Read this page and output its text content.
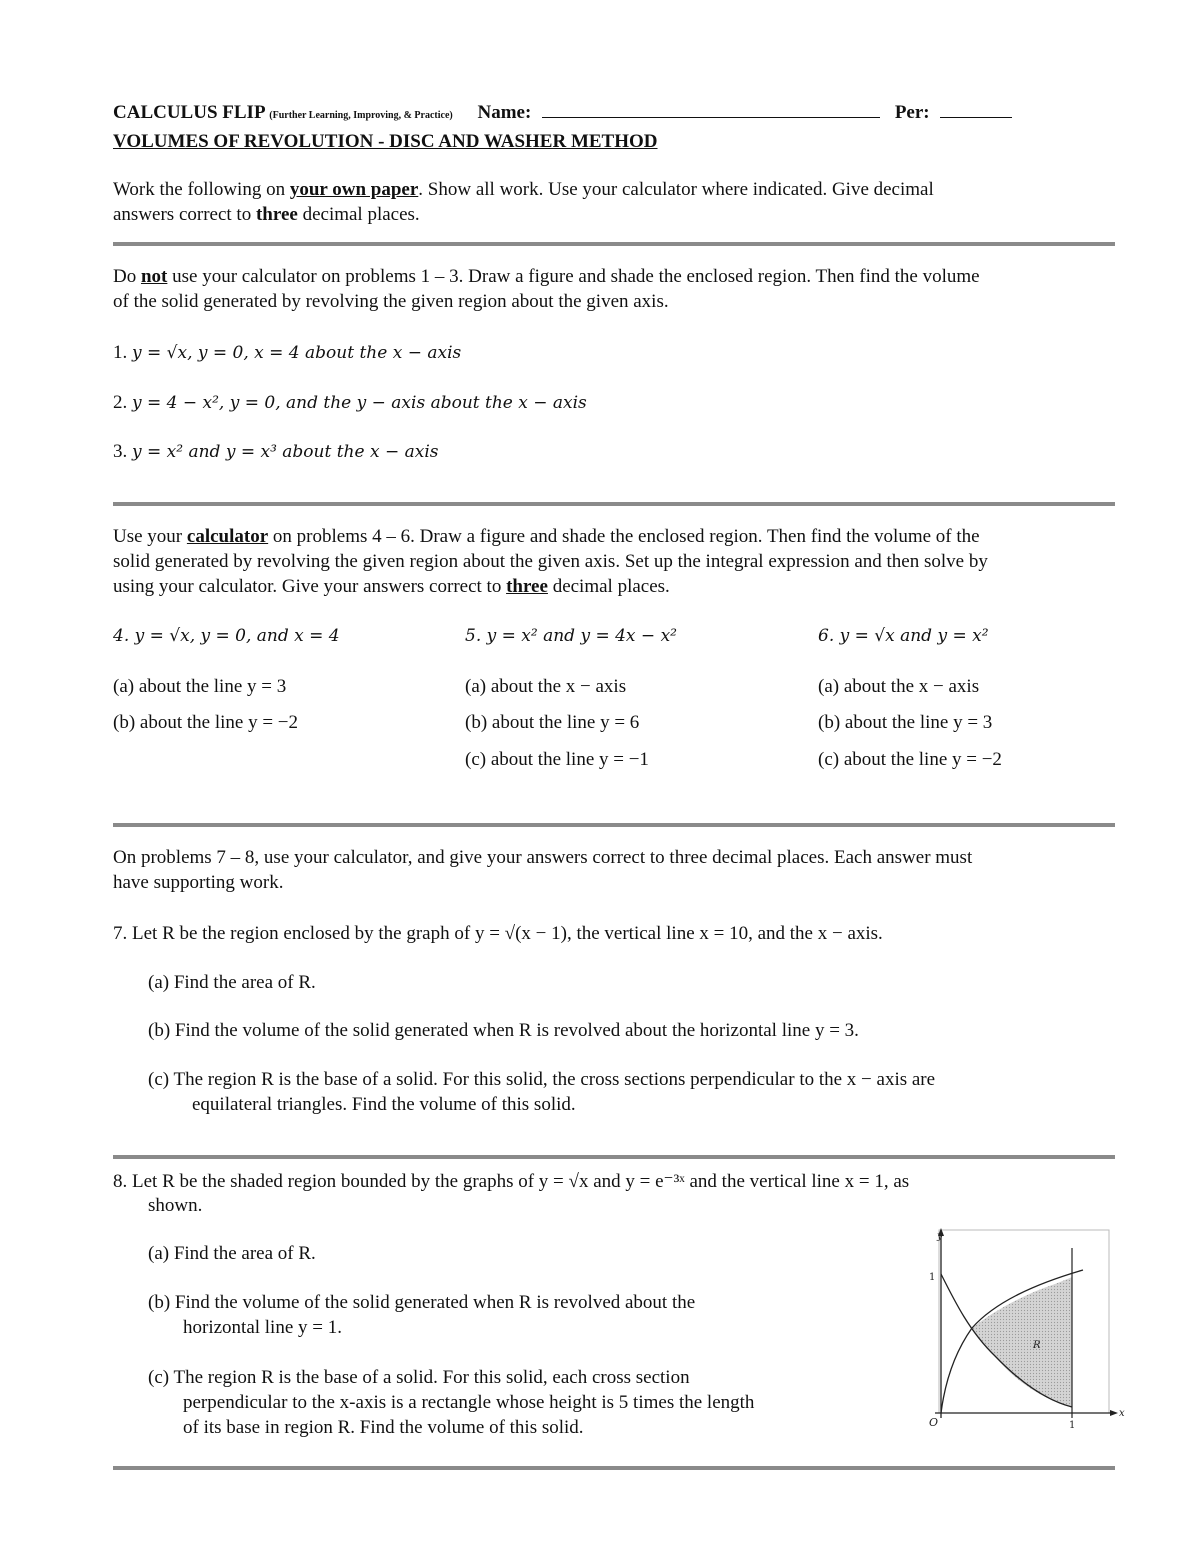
CALCULUS FLIP (Further Learning, Improving, & Practice) Name:	Per:
VOLUMES OF REVOLUTION - DISC AND WASHER METHOD
Work the following on your own paper. Show all work. Use your calculator where indicated. Give decimal
answers correct to three decimal places.
Do not use your calculator on problems 1 – 3. Draw a figure and shade the enclosed region. Then find the volume
of the solid generated by revolving the given region about the given axis.
1. y = √x, y = 0, x = 4 about the x − axis
2. y = 4 − x², y = 0, and the y − axis about the x − axis
3. y = x² and y = x³ about the x − axis
Use your calculator on problems 4 – 6. Draw a figure and shade the enclosed region. Then find the volume of the
solid generated by revolving the given region about the given axis. Set up the integral expression and then solve by
using your calculator. Give your answers correct to three decimal places.
4. y = √x, y = 0, and x = 4
(a) about the line y = 3
(b) about the line y = −2
5. y = x² and y = 4x − x²
(a) about the x − axis
(b) about the line y = 6
(c) about the line y = −1
6. y = √x and y = x²
(a) about the x − axis
(b) about the line y = 3
(c) about the line y = −2
On problems 7 – 8, use your calculator, and give your answers correct to three decimal places. Each answer must
have supporting work.
7. Let R be the region enclosed by the graph of y = √(x − 1), the vertical line x = 10, and the x − axis.
(a) Find the area of R.
(b) Find the volume of the solid generated when R is revolved about the horizontal line y = 3.
(c) The region R is the base of a solid. For this solid, the cross sections perpendicular to the x − axis are
equilateral triangles. Find the volume of this solid.
8. Let R be the shaded region bounded by the graphs of y = √x and y = e⁻³ˣ and the vertical line x = 1, as
shown.
(a) Find the area of R.
(b) Find the volume of the solid generated when R is revolved about the
horizontal line y = 1.
(c) The region R is the base of a solid. For this solid, each cross section
perpendicular to the x-axis is a rectangle whose height is 5 times the length
of its base in region R. Find the volume of this solid.
y
x
1
1
O
R
